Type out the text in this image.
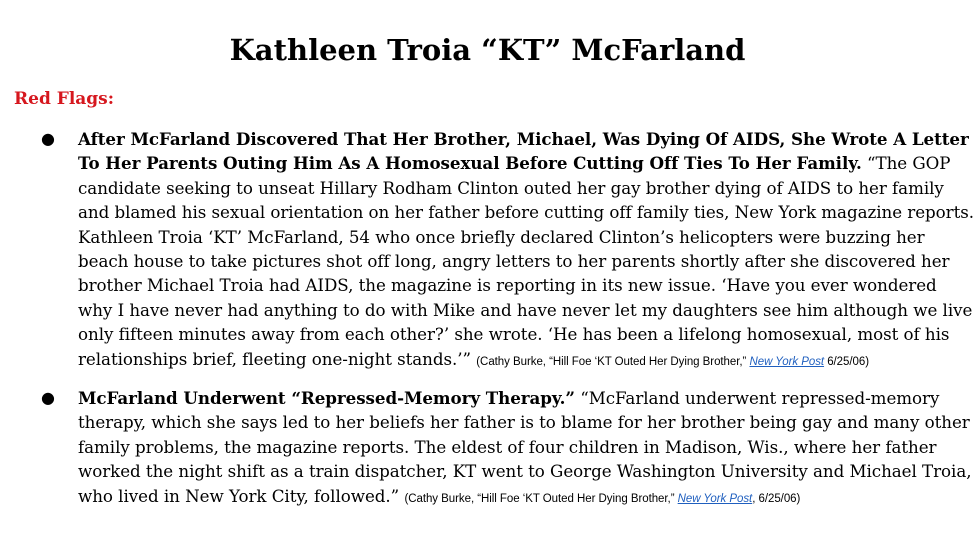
Kathleen Troia “KT” McFarland
Red Flags:
● After McFarland Discovered That Her Brother, Michael, Was Dying Of AIDS, She Wrote A Letter To Her Parents Outing Him As A Homosexual Before Cutting Off Ties To Her Family. “The GOP candidate seeking to unseat Hillary Rodham Clinton outed her gay brother dying of AIDS to her family and blamed his sexual orientation on her father before cutting off family ties, New York magazine reports. Kathleen Troia ‘KT’ McFarland, 54 who once briefly declared Clinton’s helicopters were buzzing her beach house to take pictures shot off long, angry letters to her parents shortly after she discovered her brother Michael Troia had AIDS, the magazine is reporting in its new issue. ‘Have you ever wondered why I have never had anything to do with Mike and have never let my daughters see him although we live only fifteen minutes away from each other?’ she wrote. ‘He has been a lifelong homosexual, most of his relationships brief, fleeting one-night stands.’” (Cathy Burke, “Hill Foe ‘KT Outed Her Dying Brother,” New York Post 6/25/06)
● McFarland Underwent “Repressed-Memory Therapy.” “McFarland underwent repressed-memory therapy, which she says led to her beliefs her father is to blame for her brother being gay and many other family problems, the magazine reports. The eldest of four children in Madison, Wis., where her father worked the night shift as a train dispatcher, KT went to George Washington University and Michael Troia, who lived in New York City, followed.” (Cathy Burke, “Hill Foe ‘KT Outed Her Dying Brother,” New York Post, 6/25/06)
